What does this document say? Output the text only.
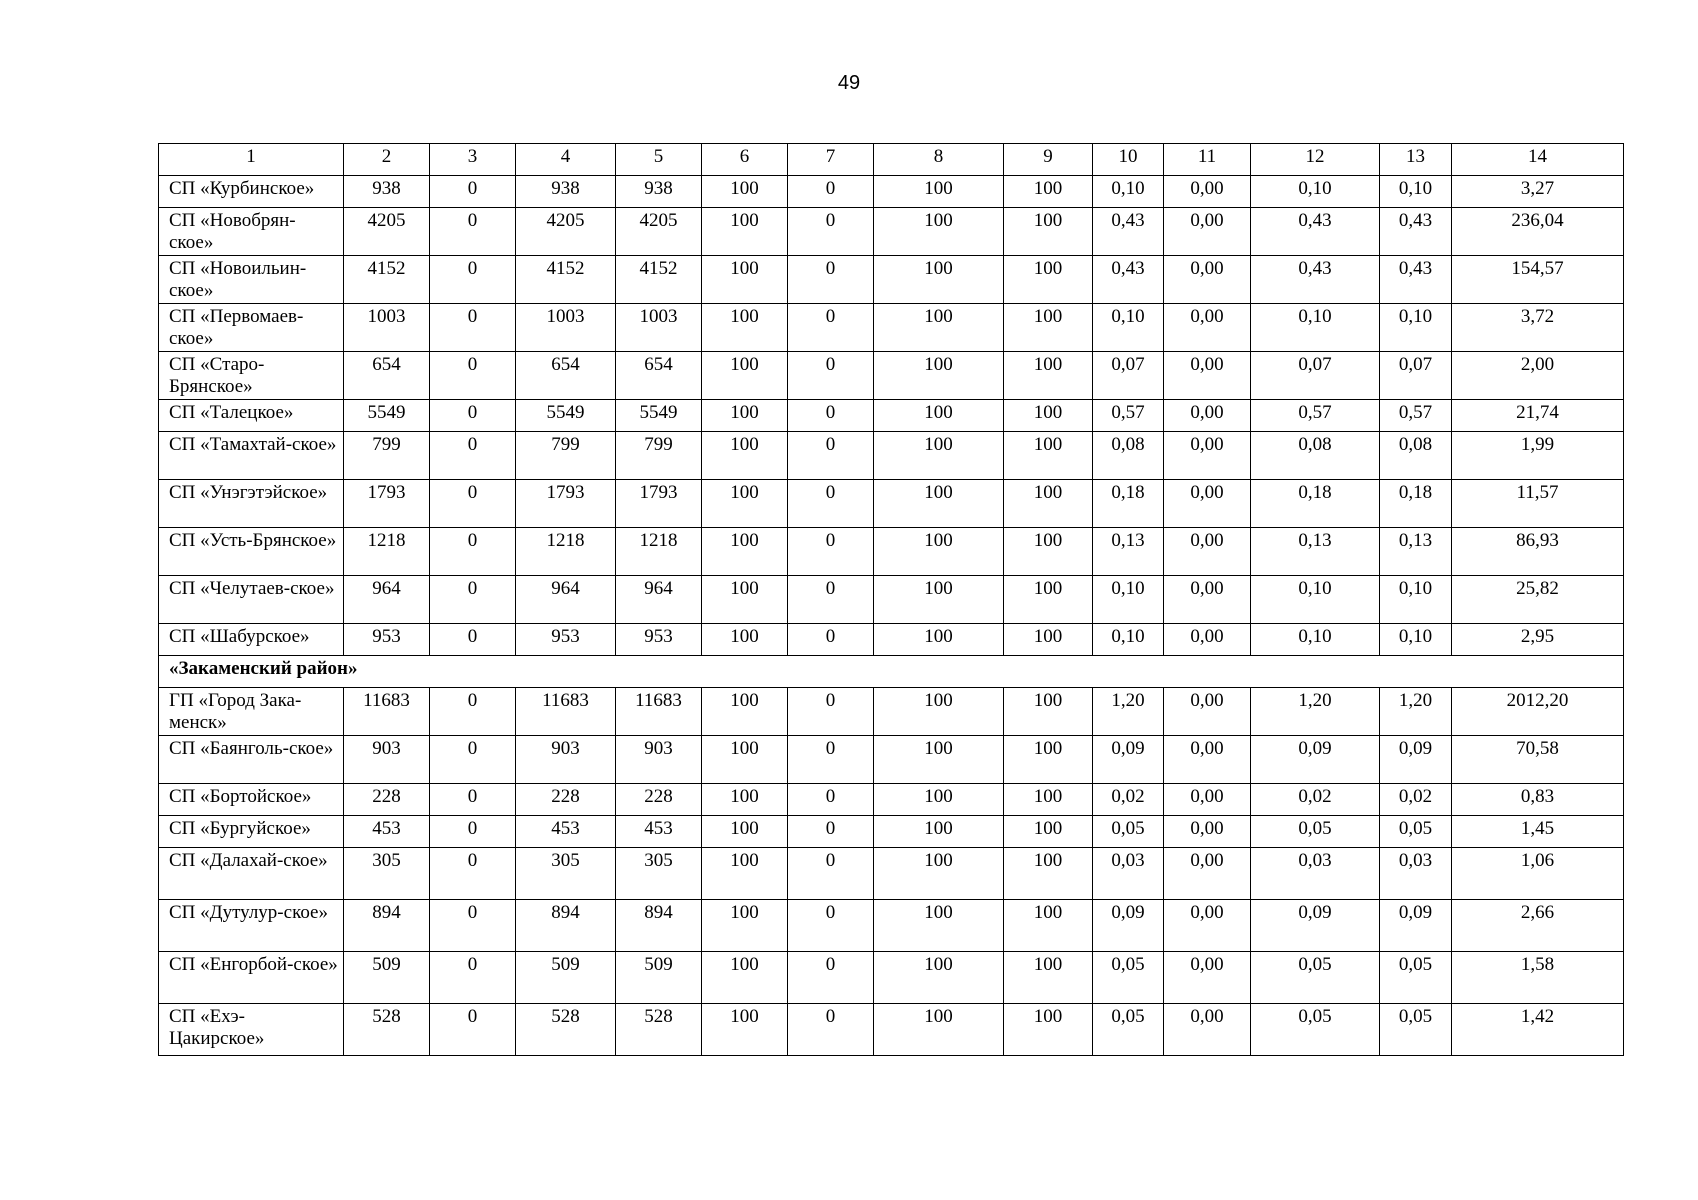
49
1	2	3	4	5	6	7	8	9	10	11	12	13	14
СП «Курбинское»	938	0	938	938	100	0	100	100	0,10	0,00	0,10	0,10	3,27
СП «Новобрян-ское»	4205	0	4205	4205	100	0	100	100	0,43	0,00	0,43	0,43	236,04
СП «Новоильин-ское»	4152	0	4152	4152	100	0	100	100	0,43	0,00	0,43	0,43	154,57
СП «Первомаев-ское»	1003	0	1003	1003	100	0	100	100	0,10	0,00	0,10	0,10	3,72
СП «Старо-Брянское»	654	0	654	654	100	0	100	100	0,07	0,00	0,07	0,07	2,00
СП «Талецкое»	5549	0	5549	5549	100	0	100	100	0,57	0,00	0,57	0,57	21,74
СП «Тамахтай-ское»	799	0	799	799	100	0	100	100	0,08	0,00	0,08	0,08	1,99
СП «Унэгэтэйское»	1793	0	1793	1793	100	0	100	100	0,18	0,00	0,18	0,18	11,57
СП «Усть-Брянское»	1218	0	1218	1218	100	0	100	100	0,13	0,00	0,13	0,13	86,93
СП «Челутаев-ское»	964	0	964	964	100	0	100	100	0,10	0,00	0,10	0,10	25,82
СП «Шабурское»	953	0	953	953	100	0	100	100	0,10	0,00	0,10	0,10	2,95
«Закаменский район»													
ГП «Город Зака-менск»	11683	0	11683	11683	100	0	100	100	1,20	0,00	1,20	1,20	2012,20
СП «Баянголь-ское»	903	0	903	903	100	0	100	100	0,09	0,00	0,09	0,09	70,58
СП «Бортойское»	228	0	228	228	100	0	100	100	0,02	0,00	0,02	0,02	0,83
СП «Бургуйское»	453	0	453	453	100	0	100	100	0,05	0,00	0,05	0,05	1,45
СП «Далахай-ское»	305	0	305	305	100	0	100	100	0,03	0,00	0,03	0,03	1,06
СП «Дутулур-ское»	894	0	894	894	100	0	100	100	0,09	0,00	0,09	0,09	2,66
СП «Енгорбой-ское»	509	0	509	509	100	0	100	100	0,05	0,00	0,05	0,05	1,58
СП «Ехэ-Цакирское»	528	0	528	528	100	0	100	100	0,05	0,00	0,05	0,05	1,42
